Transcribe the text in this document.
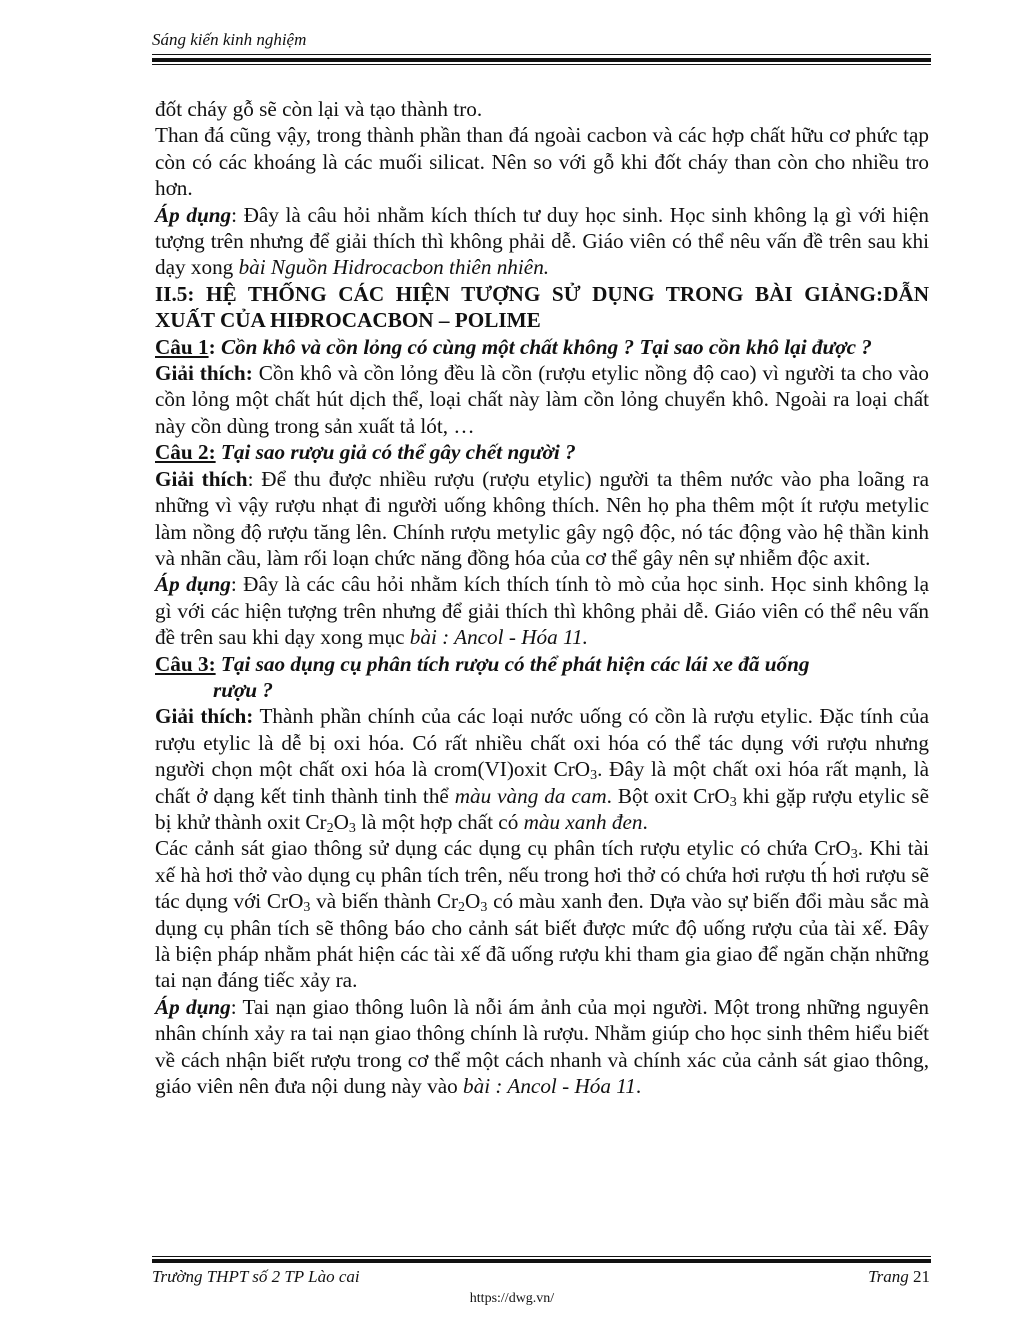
Sáng kiến kinh nghiệm

đốt cháy gỗ sẽ còn lại và tạo thành tro.

Than đá cũng vậy, trong thành phần than đá ngoài cacbon và các hợp chất hữu cơ phức tạp còn có các khoáng là các muối silicat. Nên so với gỗ khi đốt cháy than còn cho nhiều tro hơn.

Áp dụng: Đây là câu hỏi nhằm kích thích tư duy học sinh. Học sinh không lạ gì với hiện tượng trên nhưng để giải thích thì không phải dễ. Giáo viên có thể nêu vấn đề trên sau khi dạy xong bài Nguồn Hidrocacbon thiên nhiên.

II.5: HỆ THỐNG CÁC HIỆN TƯỢNG SỬ DỤNG TRONG BÀI GIẢNG:DẪN XUẤT CỦA HIĐROCACBON – POLIME

Câu 1: Cồn khô và cồn lỏng có cùng một chất không ? Tại sao cồn khô lại được ?

Giải thích: Cồn khô và cồn lỏng đều là cồn (rượu etylic nồng độ cao) vì người ta cho vào cồn lỏng một chất hút dịch thể, loại chất này làm cồn lỏng chuyển khô. Ngoài ra loại chất này cồn dùng trong sản xuất tả lót, …

Câu 2: Tại sao rượu giả có thể gây chết người ?

Giải thích: Để thu được nhiều rượu (rượu etylic) người ta thêm nước vào pha loãng ra những vì vậy rượu nhạt đi người uống không thích. Nên họ pha thêm một ít rượu metylic làm nồng độ rượu tăng lên. Chính rượu metylic gây ngộ độc, nó tác động vào hệ thần kinh và nhãn cầu, làm rối loạn chức năng đồng hóa của cơ thể gây nên sự nhiễm độc axit.

Áp dụng: Đây là các câu hỏi nhằm kích thích tính tò mò của học sinh. Học sinh không lạ gì với các hiện tượng trên nhưng để giải thích thì không phải dễ. Giáo viên có thể nêu vấn đề trên sau khi dạy xong mục bài : Ancol - Hóa 11.

Câu 3: Tại sao dụng cụ phân tích rượu có thể phát hiện các lái xe đã uống

rượu ?

Giải thích: Thành phần chính của các loại nước uống có cồn là rượu etylic. Đặc tính của rượu etylic là dễ bị oxi hóa. Có rất nhiều chất oxi hóa có thể tác dụng với rượu nhưng người chọn một chất oxi hóa là crom(VI)oxit CrO$_3$. Đây là một chất oxi hóa rất mạnh, là chất ở dạng kết tinh thành tinh thể màu vàng da cam. Bột oxit CrO$_3$ khi gặp rượu etylic sẽ bị khử thành oxit $Cr_2O_3$ là một hợp chất có màu xanh đen.

Các cảnh sát giao thông sử dụng các dụng cụ phân tích rượu etylic có chứa CrO$_3$. Khi tài xế hà hơi thở vào dụng cụ phân tích trên, nếu trong hơi thở có chứa hơi rượu th́ hơi rượu sẽ tác dụng với CrO$_3$ và biến thành $Cr_2O_3$ có màu xanh đen. Dựa vào sự biến đổi màu sắc mà dụng cụ phân tích sẽ thông báo cho cảnh sát biết được mức độ uống rượu của tài xế. Đây là biện pháp nhằm phát hiện các tài xế đã uống rượu khi tham gia giao để ngăn chặn những tai nạn đáng tiếc xảy ra.

Áp dụng: Tai nạn giao thông luôn là nỗi ám ảnh của mọi người. Một trong những nguyên nhân chính xảy ra tai nạn giao thông chính là rượu. Nhằm giúp cho học sinh thêm hiểu biết về cách nhận biết rượu trong cơ thể một cách nhanh và chính xác của cảnh sát giao thông, giáo viên nên đưa nội dung này vào bài : Ancol - Hóa 11.

Trường THPT số 2 TP Lào cai	Trang 21
https://dwg.vn/
